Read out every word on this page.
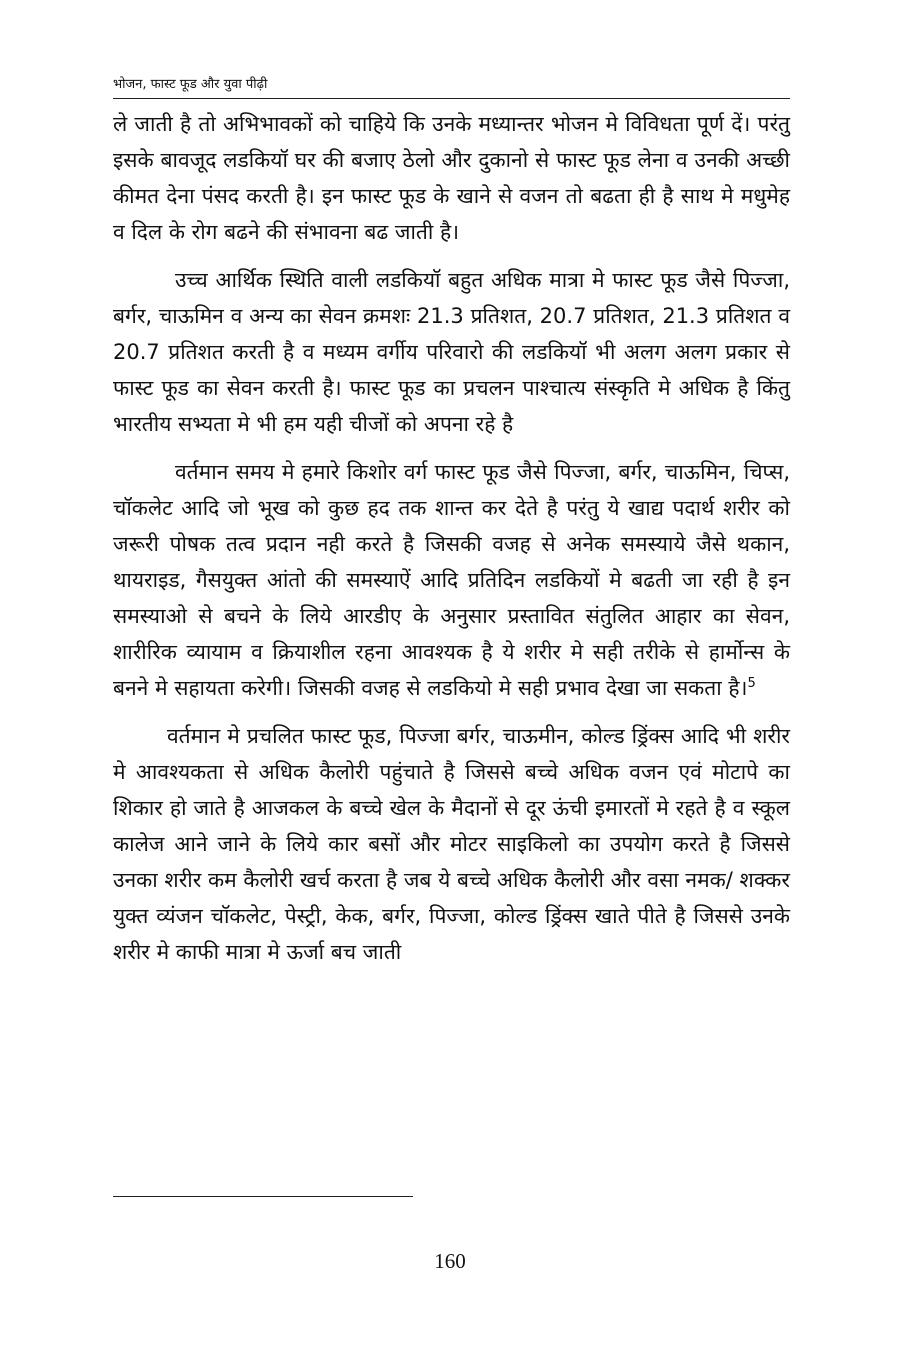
भोजन, फास्ट फूड और युवा पीढ़ी

ले जाती है तो अभिभावकों को चाहिये कि उनके मध्यान्तर भोजन मे विविधता पूर्ण दें। परंतु इसके बावजूद लडकियॉ घर की बजाए ठेलो और दुकानो से फास्ट फूड लेना व उनकी अच्छी कीमत देना पंसद करती है। इन फास्ट फूड के खाने से वजन तो बढता ही है साथ मे मधुमेह व दिल के रोग बढने की संभावना बढ जाती है।

उच्च आर्थिक स्थिति वाली लडकियॉ बहुत अधिक मात्रा मे फास्ट फूड जैसे पिज्जा, बर्गर, चाऊमिन व अन्य का सेवन क्रमशः 21.3 प्रतिशत, 20.7 प्रतिशत, 21.3 प्रतिशत व 20.7 प्रतिशत करती है व मध्यम वर्गीय परिवारो की लडकियॉ भी अलग अलग प्रकार से फास्ट फूड का सेवन करती है। फास्ट फूड का प्रचलन पाश्चात्य संस्कृति मे अधिक है किंतु भारतीय सभ्यता मे भी हम यही चीजों को अपना रहे है

वर्तमान समय मे हमारे किशोर वर्ग फास्ट फूड जैसे पिज्जा, बर्गर, चाऊमिन, चिप्स, चॉकलेट आदि जो भूख को कुछ हद तक शान्त कर देते है परंतु ये खाद्य पदार्थ शरीर को जरूरी पोषक तत्व प्रदान नही करते है जिसकी वजह से अनेक समस्याये जैसे थकान, थायराइड, गैसयुक्त आंतो की समस्याऐं आदि प्रतिदिन लडकियों मे बढती जा रही है इन समस्याओ से बचने के लिये आरडीए के अनुसार प्रस्तावित संतुलित आहार का सेवन, शारीरिक व्यायाम व क्रियाशील रहना आवश्यक है ये शरीर मे सही तरीके से हार्मोन्स के बनने मे सहायता करेगी। जिसकी वजह से लडकियो मे सही प्रभाव देखा जा सकता है।$^5$

वर्तमान मे प्रचलित फास्ट फूड, पिज्जा बर्गर, चाऊमीन, कोल्ड ड्रिंक्स आदि भी शरीर मे आवश्यकता से अधिक कैलोरी पहुंचाते है जिससे बच्चे अधिक वजन एवं मोटापे का शिकार हो जाते है आजकल के बच्चे खेल के मैदानों से दूर ऊंची इमारतों मे रहते है व स्कूल कालेज आने जाने के लिये कार बसों और मोटर साइकिलो का उपयोग करते है जिससे उनका शरीर कम कैलोरी खर्च करता है जब ये बच्चे अधिक कैलोरी और वसा नमक/ शक्कर युक्त व्यंजन चॉकलेट, पेस्ट्री, केक, बर्गर, पिज्जा, कोल्ड ड्रिंक्स खाते पीते है जिससे उनके शरीर मे काफी मात्रा मे ऊर्जा बच जाती

160
